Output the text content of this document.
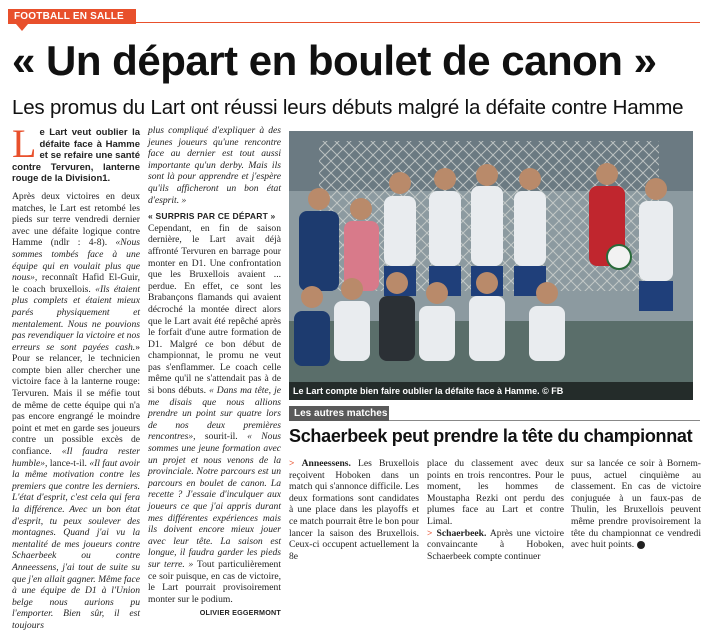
FOOTBALL EN SALLE
« Un départ en boulet de canon »
Les promus du Lart ont réussi leurs débuts malgré la défaite contre Hamme

L e Lart veut oublier la défaite face à Hamme et se refaire une santé contre Tervuren, lanterne rouge de la Division1.

Après deux victoires en deux matches, le Lart est retombé les pieds sur terre vendredi dernier avec une défaite logique contre Hamme (ndlr : 4-8). «Nous sommes tombés face à une équipe qui en voulait plus que nous», reconnaît Hafid El-Guir, le coach bruxellois. «Ils étaient plus complets et étaient mieux parés physiquement et mentalement. Nous ne pouvions pas revendiquer la victoire et nos erreurs se sont payées cash.» Pour se relancer, le technicien compte bien aller chercher une victoire face à la lanterne rouge: Tervuren. Mais il se méfie tout de même de cette équipe qui n'a pas encore engrangé le moindre point et met en garde ses joueurs contre un possible excès de confiance. «Il faudra rester humble», lance-t-il. «Il faut avoir la même motivation contre les premiers que contre les derniers. L'état d'esprit, c'est cela qui fera la différence. Avec un bon état d'esprit, tu peux soulever des montagnes. Quand j'ai vu la mentalité de mes joueurs contre Schaerbeek ou contre Anneessens, j'ai tout de suite su que j'en allait gagner. Même face à une équipe de D1 à l'Union belge nous aurions pu l'emporter. Bien sûr, il est toujours

plus compliqué d'expliquer à des jeunes joueurs qu'une rencontre face au dernier est tout aussi importante qu'un derby. Mais ils sont là pour apprendre et j'espère qu'ils afficheront un bon état d'esprit. »

« SURPRIS PAR CE DÉPART »

Cependant, en fin de saison dernière, le Lart avait déjà affronté Tervuren en barrage pour monter en D1. Une confrontation que les Bruxellois avaient ... perdue. En effet, ce sont les Brabançons flamands qui avaient décroché la montée direct alors que le Lart avait été repêché après le forfait d'une autre formation de D1. Malgré ce bon début de championnat, le promu ne veut pas s'enflammer. Le coach celle même qu'il ne s'attendait pas à de si bons débuts. « Dans ma tête, je me disais que nous allions prendre un point sur quatre lors de nos deux premières rencontres», sourit-il. « Nous sommes une jeune formation avec un projet et nous venons de la provinciale. Notre parcours est un parcours en boulet de canon. La recette ? J'essaie d'inculquer aux joueurs ce que j'ai appris durant mes différentes expériences mais ils doivent encore mieux jouer avec leur tête. La saison est longue, il faudra garder les pieds sur terre. » Tout particulièrement ce soir puisque, en cas de victoire, le Lart pourrait provisoirement monter sur le podium.

OLIVIER EGGERMONT

Le Lart compte bien faire oublier la défaite face à Hamme. © FB
Les autres matches
Schaerbeek peut prendre la tête du championnat

> Anneessens. Les Bruxellois reçoivent Hoboken dans un match qui s'annonce difficile. Les deux formations sont candidates à une place dans les playoffs et ce match pourrait être le bon pour lancer la saison des Bruxellois. Ceux-ci occupent actuellement la 8e

place du classement avec deux points en trois rencontres. Pour le moment, les hommes de Moustapha Rezki ont perdu des plumes face au Lart et contre Limal.

> Schaerbeek. Après une victoire convaincante à Hoboken, Schaerbeek compte continuer

sur sa lancée ce soir à Bornem-puus, actuel cinquième au classement. En cas de victoire conjuguée à un faux-pas de Thulin, les Bruxellois peuvent même prendre provisoirement la tête du championnat ce vendredi avec huit points.
